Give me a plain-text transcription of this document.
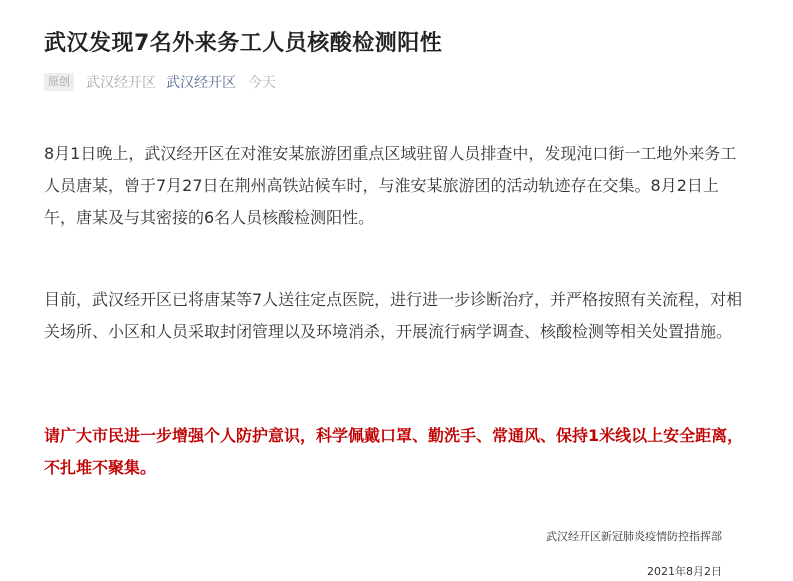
武汉发现7名外来务工人员核酸检测阳性
原创 武汉经开区 武汉经开区 今天

8月1日晚上，武汉经开区在对淮安某旅游团重点区域驻留人员排查中，发现沌口街一工地外来务工人员唐某，曾于7月27日在荆州高铁站候车时，与淮安某旅游团的活动轨迹存在交集。8月2日上午，唐某及与其密接的6名人员核酸检测阳性。

目前，武汉经开区已将唐某等7人送往定点医院，进行进一步诊断治疗，并严格按照有关流程，对相关场所、小区和人员采取封闭管理以及环境消杀，开展流行病学调查、核酸检测等相关处置措施。

请广大市民进一步增强个人防护意识，科学佩戴口罩、勤洗手、常通风、保持1米线以上安全距离，不扎堆不聚集。

武汉经开区新冠肺炎疫情防控指挥部
2021年8月2日
